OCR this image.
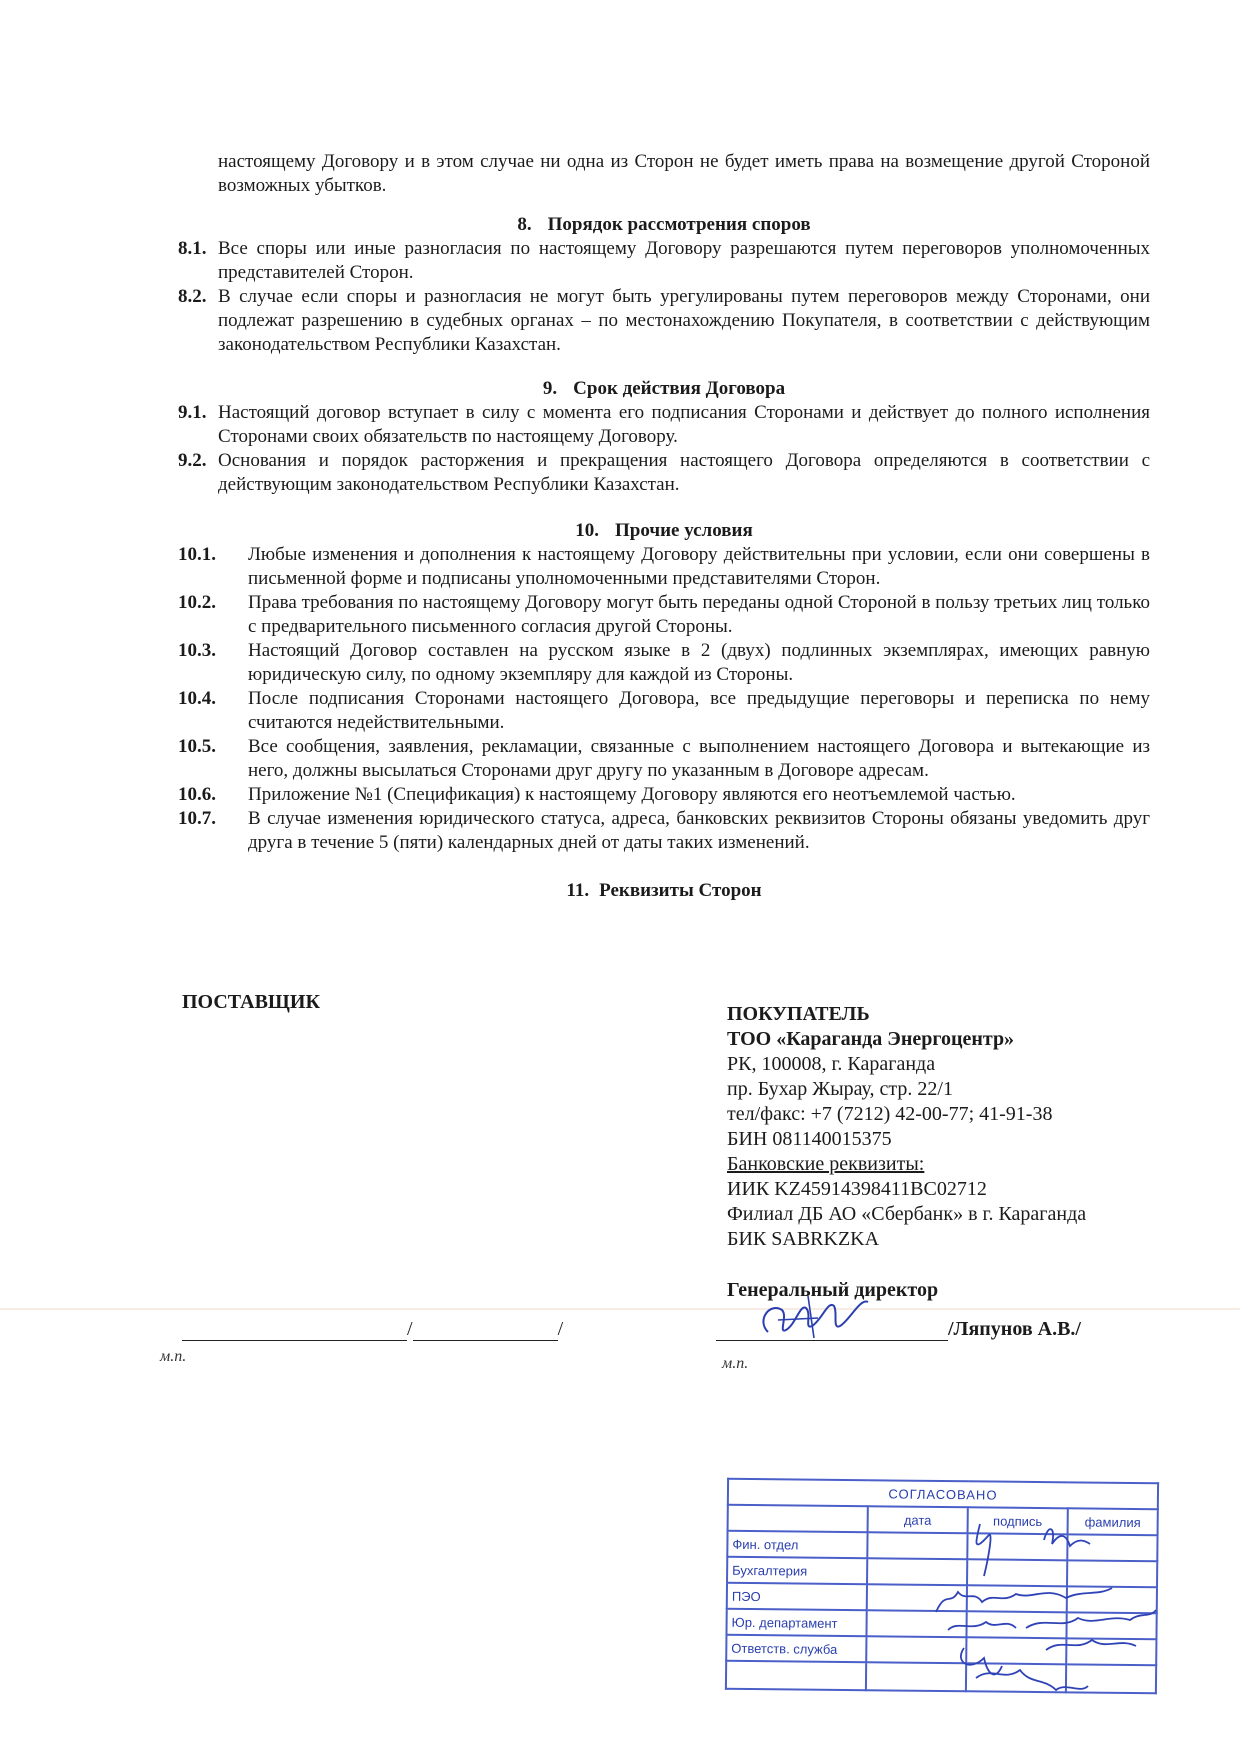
настоящему Договору и в этом случае ни одна из Сторон не будет иметь права на возмещение другой Стороной возможных убытков.

8. Порядок рассмотрения споров

8.1. Все споры или иные разногласия по настоящему Договору разрешаются путем переговоров уполномоченных представителей Сторон.
8.2. В случае если споры и разногласия не могут быть урегулированы путем переговоров между Сторонами, они подлежат разрешению в судебных органах – по местонахождению Покупателя, в соответствии с действующим законодательством Республики Казахстан.

9. Срок действия Договора

9.1. Настоящий договор вступает в силу с момента его подписания Сторонами и действует до полного исполнения Сторонами своих обязательств по настоящему Договору.
9.2. Основания и порядок расторжения и прекращения настоящего Договора определяются в соответствии с действующим законодательством Республики Казахстан.

10. Прочие условия

10.1.	Любые изменения и дополнения к настоящему Договору действительны при условии, если они совершены в письменной форме и подписаны уполномоченными представителями Сторон.
10.2.	Права требования по настоящему Договору могут быть переданы одной Стороной в пользу третьих лиц только с предварительного письменного согласия другой Стороны.
10.3.	Настоящий Договор составлен на русском языке в 2 (двух) подлинных экземплярах, имеющих равную юридическую силу, по одному экземпляру для каждой из Стороны.
10.4.	После подписания Сторонами настоящего Договора, все предыдущие переговоры и переписка по нему считаются недействительными.
10.5.	Все сообщения, заявления, рекламации, связанные с выполнением настоящего Договора и вытекающие из него, должны высылаться Сторонами друг другу по указанным в Договоре адресам.
10.6.	Приложение №1 (Спецификация) к настоящему Договору являются его неотъемлемой частью.
10.7.	В случае изменения юридического статуса, адреса, банковских реквизитов Стороны обязаны уведомить друг друга в течение 5 (пяти) календарных дней от даты таких изменений.

11. Реквизиты Сторон

ПОСТАВЩИК
ПОКУПАТЕЛЬ
ТОО «Караганда Энергоцентр»
РК, 100008, г. Караганда
пр. Бухар Жырау, стр. 22/1
тел/факс: +7 (7212) 42-00-77; 41-91-38
БИН 081140015375
Банковские реквизиты:
ИИК KZ45914398411BC02712
Филиал ДБ АО «Сбербанк» в г. Караганда
БИК SABRKZKA
Генеральный директор
/	/
м.п.
/Ляпунов А.В./
м.п.
СОГЛАСОВАНО			
	дата	подпись	фамилия
Фин. отдел			
Бухгалтерия			
ПЭО			
Юр. департамент			
Ответств. служба			
